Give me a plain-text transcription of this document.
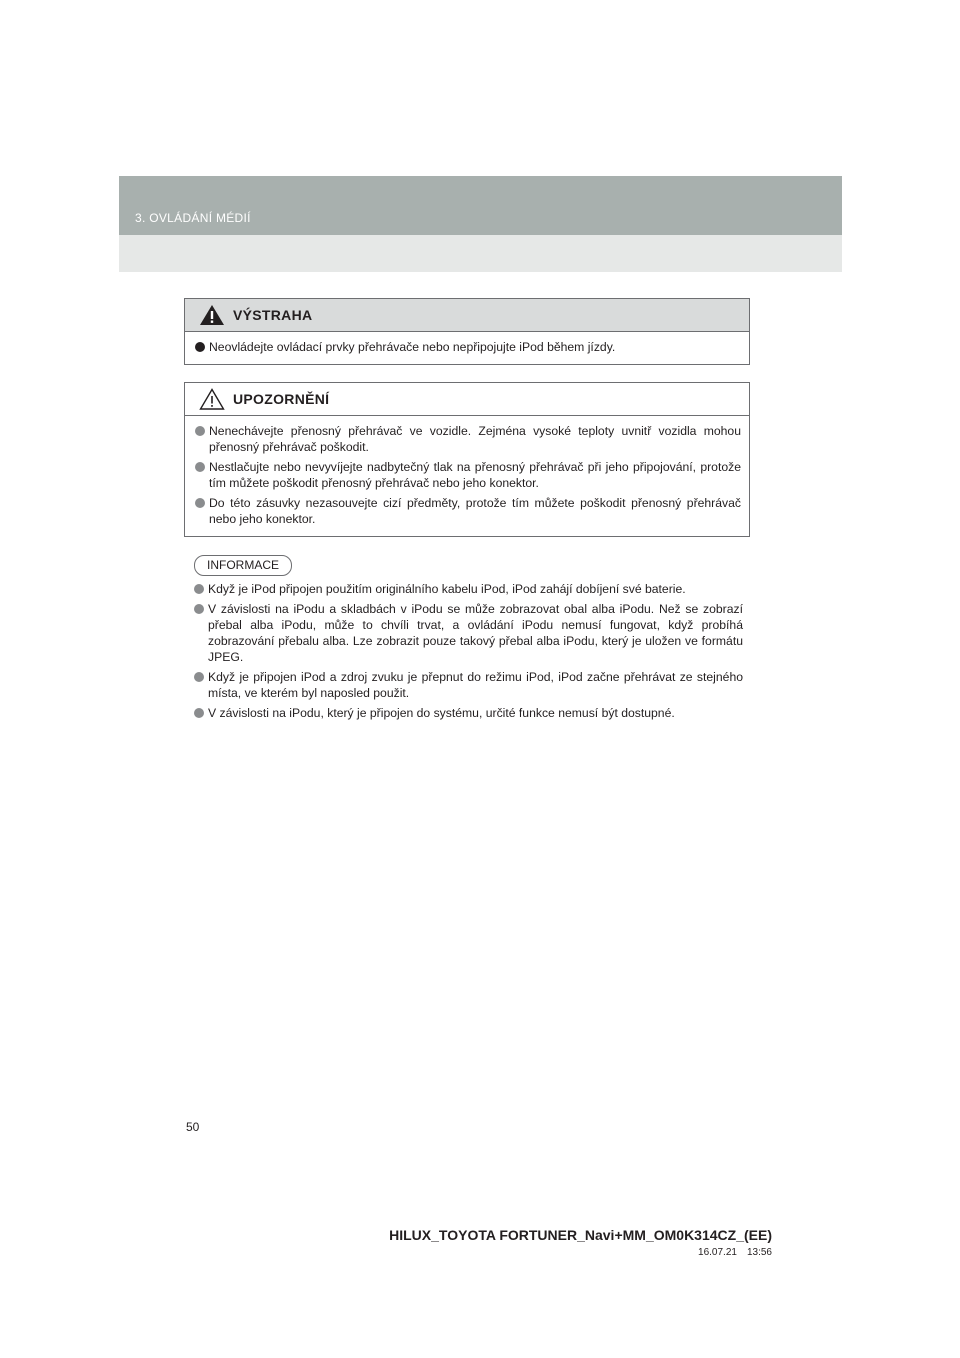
3. OVLÁDÁNÍ MÉDIÍ
VÝSTRAHA
Neovládejte ovládací prvky přehrávače nebo nepřipojujte iPod během jízdy.
UPOZORNĚNÍ
Nenechávejte přenosný přehrávač ve vozidle. Zejména vysoké teploty uvnitř vozidla mohou přenosný přehrávač poškodit.
Nestlačujte nebo nevyvíjejte nadbytečný tlak na přenosný přehrávač při jeho připojování, protože tím můžete poškodit přenosný přehrávač nebo jeho konektor.
Do této zásuvky nezasouvejte cizí předměty, protože tím můžete poškodit přenosný přehrávač nebo jeho konektor.
INFORMACE
Když je iPod připojen použitím originálního kabelu iPod, iPod zahájí dobíjení své baterie.
V závislosti na iPodu a skladbách v iPodu se může zobrazovat obal alba iPodu. Než se zobrazí přebal alba iPodu, může to chvíli trvat, a ovládání iPodu nemusí fungovat, když probíhá zobrazování přebalu alba. Lze zobrazit pouze takový přebal alba iPodu, který je uložen ve formátu JPEG.
Když je připojen iPod a zdroj zvuku je přepnut do režimu iPod, iPod začne přehrávat ze stejného místa, ve kterém byl naposled použit.
V závislosti na iPodu, který je připojen do systému, určité funkce nemusí být dostupné.
50
HILUX_TOYOTA FORTUNER_Navi+MM_OM0K314CZ_(EE)
16.07.21 13:56
